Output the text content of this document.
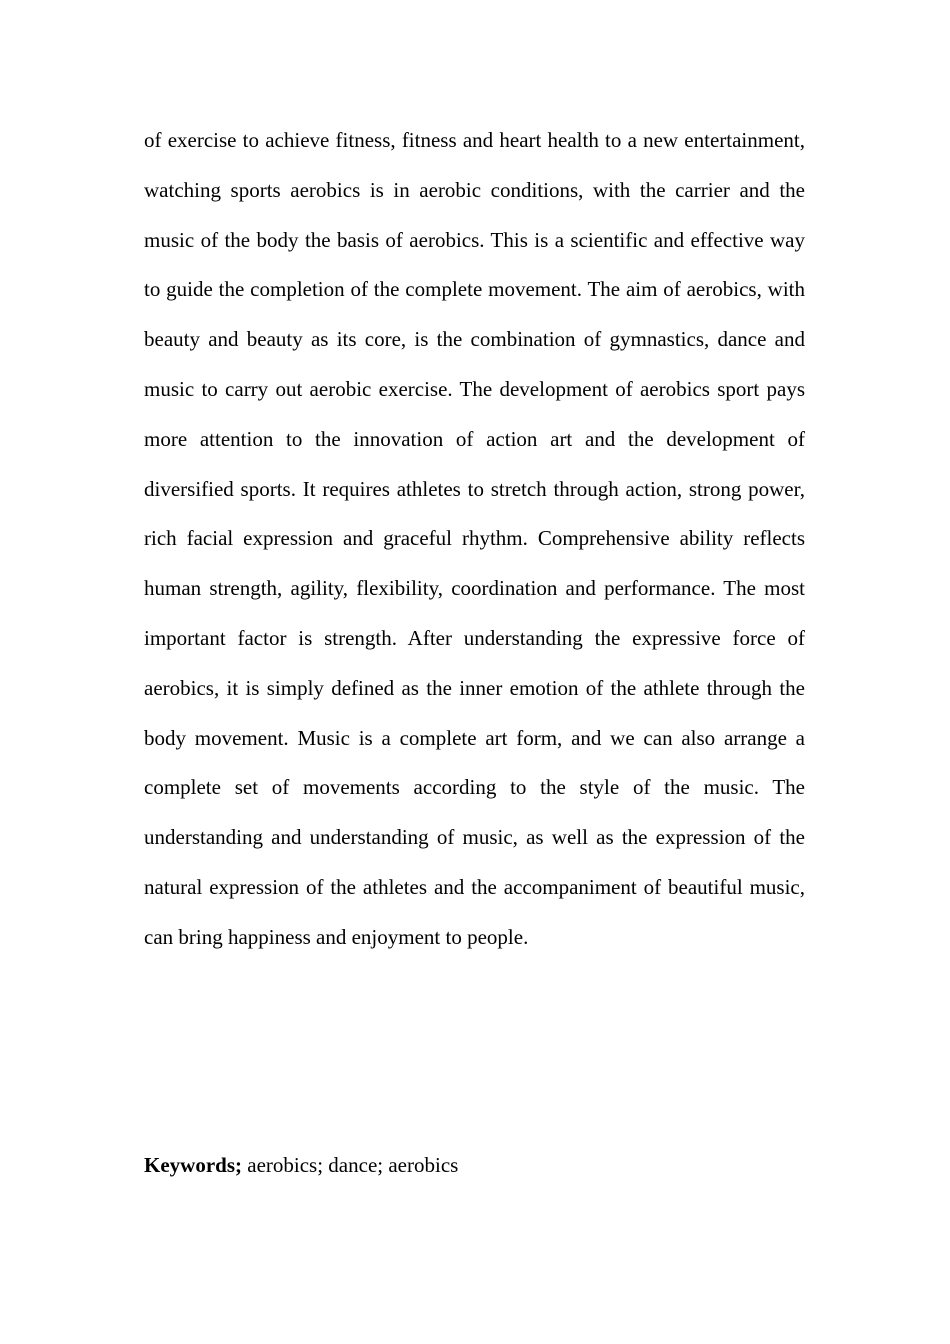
of exercise to achieve fitness, fitness and heart health to a new entertainment, watching sports aerobics is in aerobic conditions, with the carrier and the music of the body the basis of aerobics. This is a scientific and effective way to guide the completion of the complete movement. The aim of aerobics, with beauty and beauty as its core, is the combination of gymnastics, dance and music to carry out aerobic exercise. The development of aerobics sport pays more attention to the innovation of action art and the development of diversified sports. It requires athletes to stretch through action, strong power, rich facial expression and graceful rhythm. Comprehensive ability reflects human strength, agility, flexibility, coordination and performance. The most important factor is strength. After understanding the expressive force of aerobics, it is simply defined as the inner emotion of the athlete through the body movement. Music is a complete art form, and we can also arrange a complete set of movements according to the style of the music. The understanding and understanding of music, as well as the expression of the natural expression of the athletes and the accompaniment of beautiful music, can bring happiness and enjoyment to people.

Keywords; aerobics; dance; aerobics
